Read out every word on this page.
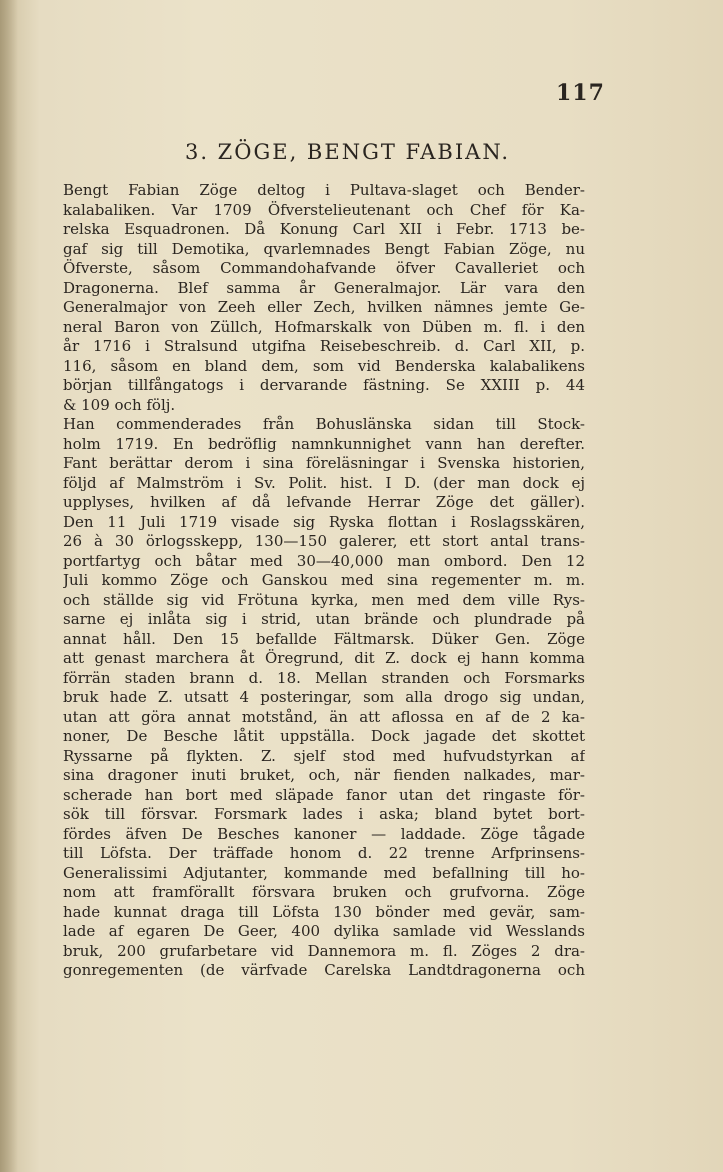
117
3. ZÖGE, BENGT FABIAN.
Bengt Fabian Zöge deltog i Pultava-slaget och Bender-
kalabaliken. Var 1709 Öfverstelieutenant och Chef för Ka-
relska Esquadronen. Då Konung Carl XII i Febr. 1713 be-
gaf sig till Demotika, qvarlemnades Bengt Fabian Zöge, nu
Öfverste, såsom Commandohafvande öfver Cavalleriet och
Dragonerna. Blef samma år Generalmajor. Lär vara den
Generalmajor von Zeeh eller Zech, hvilken nämnes jemte Ge-
neral Baron von Züllch, Hofmarskalk von Düben m. fl. i den
år 1716 i Stralsund utgifna Reisebeschreib. d. Carl XII, p.
116, såsom en bland dem, som vid Benderska kalabalikens
början tillfångatogs i dervarande fästning. Se XXIII p. 44
& 109 och följ.
Han commenderades från Bohuslänska sidan till Stock-
holm 1719. En bedröflig namnkunnighet vann han derefter.
Fant berättar derom i sina föreläsningar i Svenska historien,
följd af Malmström i Sv. Polit. hist. I D. (der man dock ej
upplyses, hvilken af då lefvande Herrar Zöge det gäller).
Den 11 Juli 1719 visade sig Ryska flottan i Roslagsskären,
26 à 30 örlogsskepp, 130—150 galerer, ett stort antal trans-
portfartyg och båtar med 30—40,000 man ombord. Den 12
Juli kommo Zöge och Ganskou med sina regementer m. m.
och ställde sig vid Frötuna kyrka, men med dem ville Rys-
sarne ej inlåta sig i strid, utan brände och plundrade på
annat håll. Den 15 befallde Fältmarsk. Düker Gen. Zöge
att genast marchera åt Öregrund, dit Z. dock ej hann komma
förrän staden brann d. 18. Mellan stranden och Forsmarks
bruk hade Z. utsatt 4 posteringar, som alla drogo sig undan,
utan att göra annat motstånd, än att aflossa en af de 2 ka-
noner, De Besche låtit uppställa. Dock jagade det skottet
Ryssarne på flykten. Z. sjelf stod med hufvudstyrkan af
sina dragoner inuti bruket, och, när fienden nalkades, mar-
scherade han bort med släpade fanor utan det ringaste för-
sök till försvar. Forsmark lades i aska; bland bytet bort-
fördes äfven De Besches kanoner — laddade. Zöge tågade
till Löfsta. Der träffade honom d. 22 trenne Arfprinsens-
Generalissimi Adjutanter, kommande med befallning till ho-
nom att framförallt försvara bruken och grufvorna. Zöge
hade kunnat draga till Löfsta 130 bönder med gevär, sam-
lade af egaren De Geer, 400 dylika samlade vid Wesslands
bruk, 200 grufarbetare vid Dannemora m. fl. Zöges 2 dra-
gonregementen (de värfvade Carelska Landtdragonerna och
